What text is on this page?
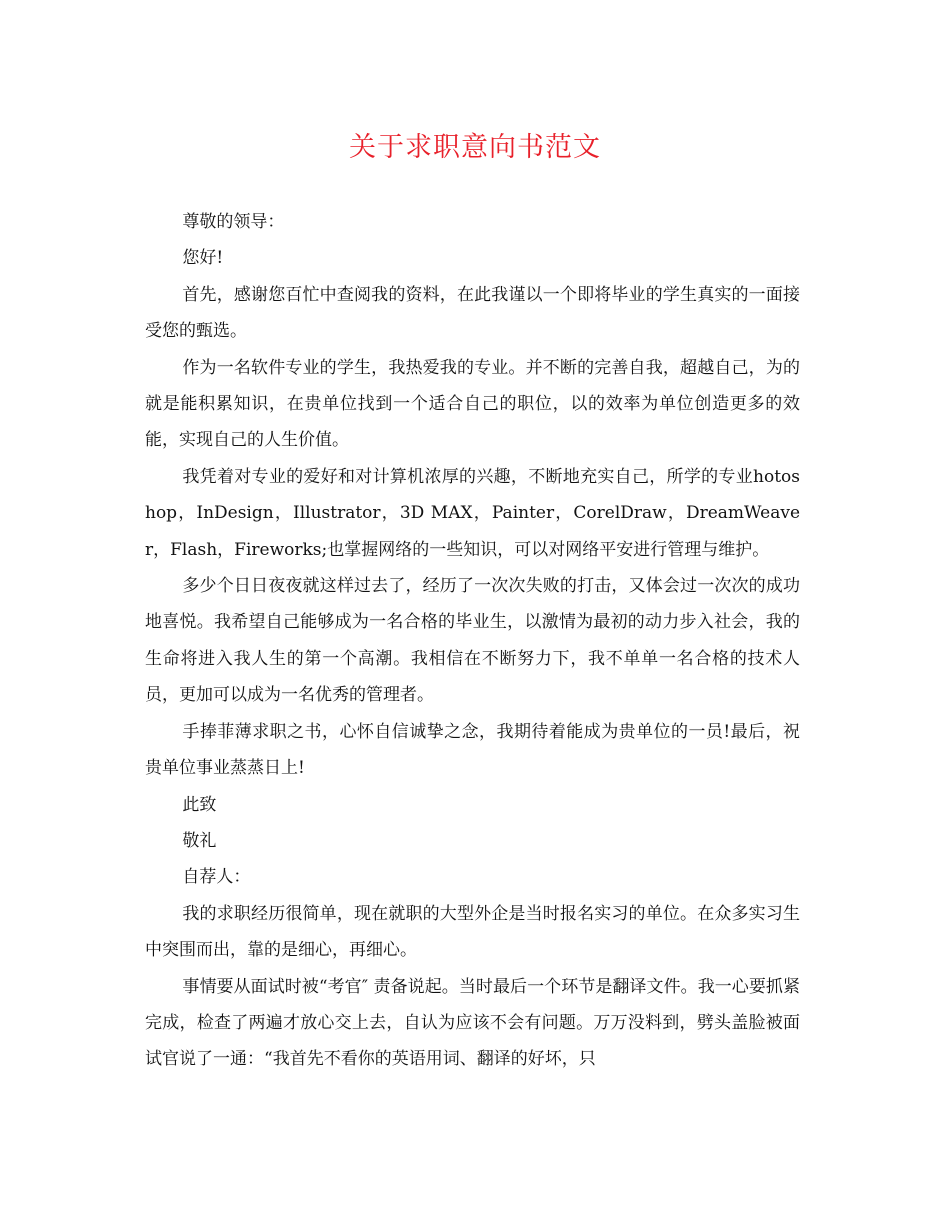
关于求职意向书范文

尊敬的领导：

您好!

首先，感谢您百忙中查阅我的资料，在此我谨以一个即将毕业的学生真实的一面接受您的甄选。

作为一名软件专业的学生，我热爱我的专业。并不断的完善自我，超越自己，为的就是能积累知识，在贵单位找到一个适合自己的职位，以的效率为单位创造更多的效能，实现自己的人生价值。

我凭着对专业的爱好和对计算机浓厚的兴趣，不断地充实自己，所学的专业hotoshop，InDesign，Illustrator，3D MAX，Painter，CorelDraw，DreamWeaver，Flash，Fireworks;也掌握网络的一些知识，可以对网络平安进行管理与维护。

多少个日日夜夜就这样过去了，经历了一次次失败的打击，又体会过一次次的成功地喜悦。我希望自己能够成为一名合格的毕业生，以激情为最初的动力步入社会，我的生命将进入我人生的第一个高潮。我相信在不断努力下，我不单单一名合格的技术人员，更加可以成为一名优秀的管理者。

手捧菲薄求职之书，心怀自信诚挚之念，我期待着能成为贵单位的一员!最后，祝贵单位事业蒸蒸日上!

此致

敬礼

自荐人：

我的求职经历很简单，现在就职的大型外企是当时报名实习的单位。在众多实习生中突围而出，靠的是细心，再细心。

事情要从面试时被“考官″ 责备说起。当时最后一个环节是翻译文件。我一心要抓紧完成，检查了两遍才放心交上去，自认为应该不会有问题。万万没料到，劈头盖脸被面试官说了一通：“我首先不看你的英语用词、翻译的好坏，只
